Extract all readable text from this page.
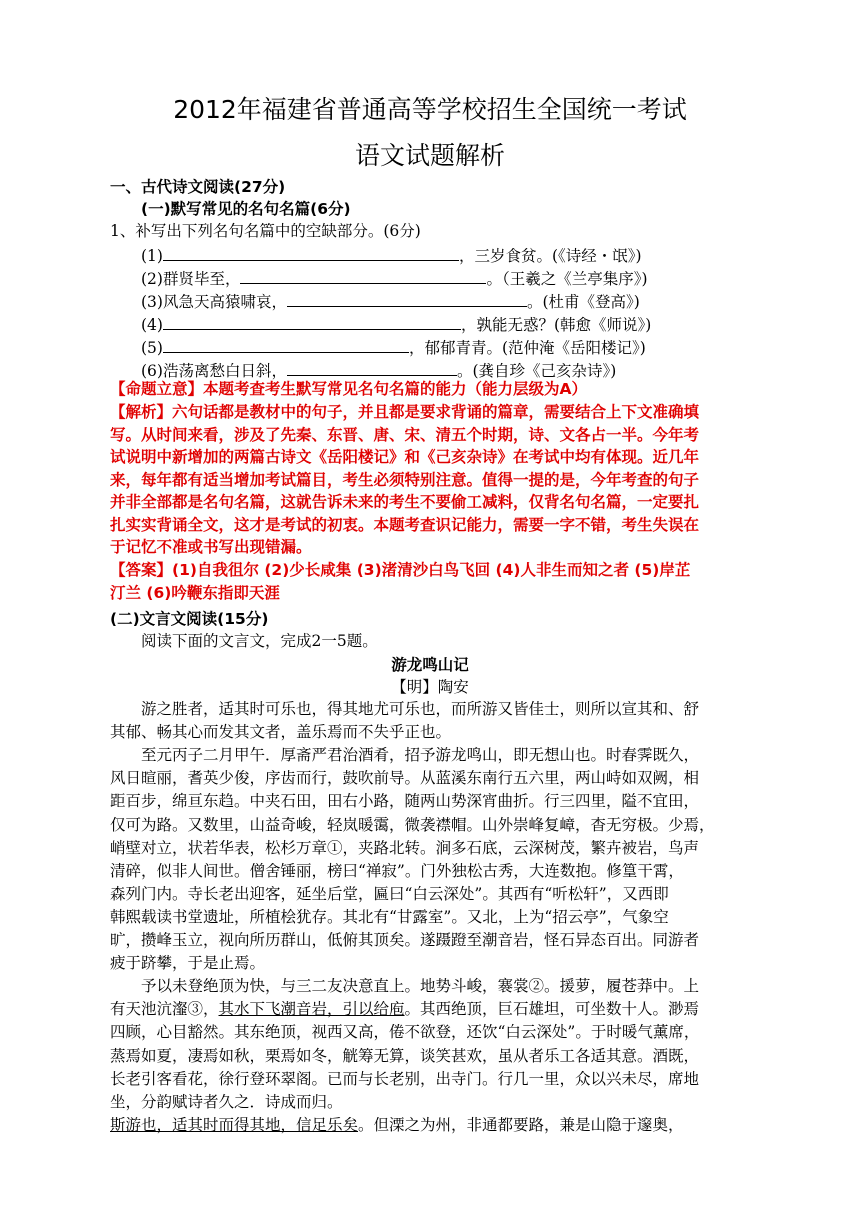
2012年福建省普通高等学校招生全国统一考试
语文试题解析
一、古代诗文阅读(27分)
(一)默写常见的名句名篇(6分)
1、补写出下列名句名篇中的空缺部分。(6分)
(1)	，三岁食贫。(《诗经・氓》)
(2)群贤毕至，	。（王羲之《兰亭集序》)
(3)风急天高猿啸哀，	。(杜甫《登高》)
(4)	，孰能无惑？(韩愈《师说》)
(5)	，郁郁青青。(范仲淹《岳阳楼记》)
(6)浩荡离愁白日斜，	。(龚自珍《己亥杂诗》)
【命题立意】本题考查考生默写常见名句名篇的能力（能力层级为A）
【解析】六句话都是教材中的句子，并且都是要求背诵的篇章，需要结合上下文准确填
写。从时间来看，涉及了先秦、东晋、唐、宋、清五个时期，诗、文各占一半。今年考
试说明中新增加的两篇古诗文《岳阳楼记》和《己亥杂诗》在考试中均有体现。近几年
来，每年都有适当增加考试篇目，考生必须特别注意。值得一提的是，今年考查的句子
并非全部都是名句名篇，这就告诉未来的考生不要偷工减料，仅背名句名篇，一定要扎
扎实实背诵全文，这才是考试的初衷。本题考查识记能力，需要一字不错，考生失误在
于记忆不准或书写出现错漏。
【答案】(1)自我徂尔 (2)少长咸集 (3)渚清沙白鸟飞回 (4)人非生而知之者 (5)岸芷
汀兰 (6)吟鞭东指即天涯
(二)文言文阅读(15分)
阅读下面的文言文，完成2一5题。
游龙鸣山记
【明】陶安
游之胜者，适其时可乐也，得其地尤可乐也，而所游又皆佳士，则所以宣其和、舒
其郁、畅其心而发其文者，盖乐焉而不失乎正也。
至元丙子二月甲午．厚斋严君治酒肴，招予游龙鸣山，即无想山也。时春霁既久，
风日暄丽，耆英少俊，序齿而行，鼓吹前导。从蓝溪东南行五六里，两山峙如双阙，相
距百步，绵亘东趋。中夹石田，田右小路，随两山势深宵曲折。行三四里，隘不宜田，
仅可为路。又数里，山益奇峻，轻岚暖霭，微袭襟帽。山外崇峰复嶂，杳无穷极。少焉，
峭壁对立，状若华表，松杉万章①，夹路北转。涧多石底，云深树茂，繁卉被岩，鸟声
清碎，似非人间世。僧舍锤丽，榜曰“禅寂”。门外独松古秀，大连数抱。修篁干霄，
森列门内。寺长老出迎客，延坐后堂，匾曰“白云深处”。其西有“听松轩”，又西即
韩熙载读书堂遗址，所植桧犹存。其北有“甘露室”。又北，上为“招云亭”，气象空
旷，攒峰玉立，视向所历群山，低俯其顶矣。遂蹑蹬至潮音岩，怪石异态百出。同游者
疲于跻攀，于是止焉。
予以未登绝顶为快，与三二友决意直上。地势斗峻，褰裳②。援萝，履苍莽中。上
有天池沆瀣③，其水下飞潮音岩，引以给庖。其西绝顶，巨石雄坦，可坐数十人。渺焉
四顾，心目豁然。其东绝顶，视西又高，倦不欲登，还饮“白云深处”。于时暖气薰席，
蒸焉如夏，凄焉如秋，栗焉如冬，觥筹无算，谈笑甚欢，虽从者乐工各适其意。酒既，
长老引客看花，徐行登环翠阁。已而与长老别，出寺门。行几一里，众以兴未尽，席地
坐，分韵赋诗者久之．诗成而归。
斯游也，适其时而得其地，信足乐矣。但溧之为州，非通都要路，兼是山隐于邃奥，
